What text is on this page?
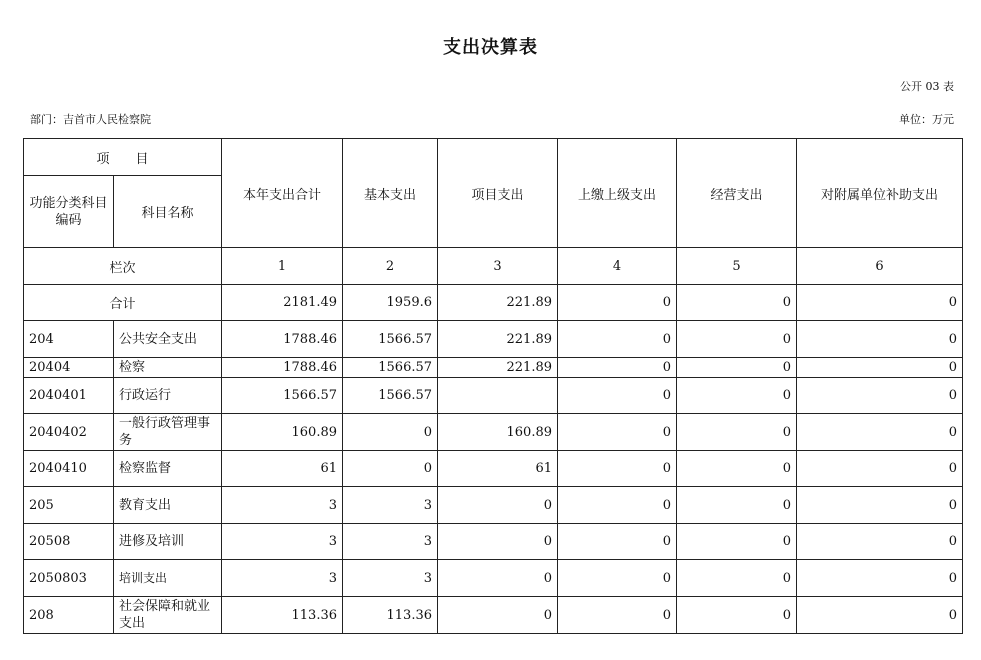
支出决算表
公开 03 表
部门：吉首市人民检察院	单位：万元
项　　目		本年支出合计	基本支出	项目支出	上缴上级支出	经营支出	对附属单位补助支出
功能分类科目编码	科目名称						
栏次		1	2	3	4	5	6
合计		2181.49	1959.6	221.89	0	0	0
204	公共安全支出	1788.46	1566.57	221.89	0	0	0
20404	检察	1788.46	1566.57	221.89	0	0	0
2040401	行政运行	1566.57	1566.57		0	0	0
2040402	一般行政管理事务	160.89	0	160.89	0	0	0
2040410	检察监督	61	0	61	0	0	0
205	教育支出	3	3	0	0	0	0
20508	进修及培训	3	3	0	0	0	0
2050803	培训支出	3	3	0	0	0	0
208	社会保障和就业支出	113.36	113.36	0	0	0	0
